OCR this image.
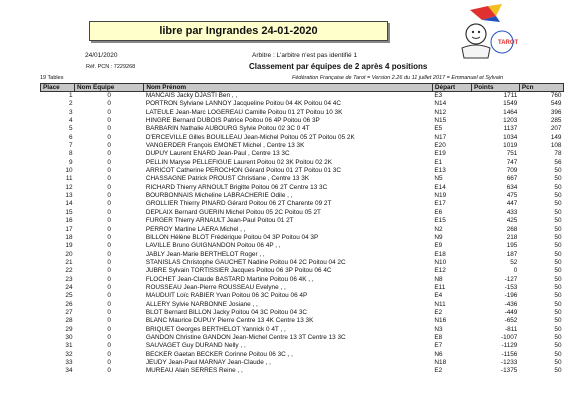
libre par Ingrandes 24-01-2020
TAROT
24/01/2020	Arbitre : L'arbitre n'est pas identifié 1
Réf. PCN : 7229268	Classement par équipes de 2 après 4 positions
Fédération Française de Tarot = Version 2.26 du 11 juillet 2017 = Emmanuel et Sylvain
19 Tables
Place	Nom Equipe	Nom Prénom	Départ	Points	Pcn
1	0	MANCAIS Jacky DJASTI Ben , ,	E3	1711	760
2	0	PORTRON Sylviane LANNOY Jacqueline Poitou 04 4K Poitou 04 4C	N14	1549	549
3	0	LATEULE Jean-Marc LOGEREAU Camille Poitou 01 2T Poitou 10 3K	N12	1464	396
4	0	HINGRE Bernard DUBOIS Patrice Poitou 06 4P Poitou 06 3P	N15	1203	285
5	0	BARBARIN Nathalie AUBOURG Sylvie Poitou 02 3C 0 4T	E5	1137	207
6	0	D'ERCEVILLE Gilles BOUILLEAU Jean-Michel Poitou 05 2T Poitou 05 2K	N17	1034	149
7	0	VANGERDER François EMONET Michel , Centre 13 3K	E20	1019	108
8	0	DUPUY Laurent ENARD Jean-Paul , Centre 13 3C	E19	751	78
9	0	PELLIN Maryse PELLEFIGUE Laurent Poitou 02 3K Poitou 02 2K	E1	747	56
10	0	ARRICOT Catherine PEROCHON Gérard Poitou 01 2T Poitou 01 3C	E13	709	50
11	0	CHASSAGNE Patrick PROUST Christiane , Centre 13 3K	N5	667	50
12	0	RICHARD Thierry ARNOULT Brigitte Poitou 06 2T Centre 13 3C	E14	634	50
13	0	BOURBONNAIS Micheline LABRACHERIE Odile , ,	N19	475	50
14	0	GROLLIER Thierry PINARD Gérard Poitou 06 2T Charente 09 2T	E17	447	50
15	0	DEPLAIX Bernard GUERIN Michel Poitou 05 2C Poitou 05 2T	E6	433	50
16	0	FURGER Thierry ARNAULT Jean-Paul Poitou 01 2T	E15	425	50
17	0	PERROY Martine LAERA Michel , ,	N2	268	50
18	0	BILLON Hélène BLOT Frédérique Poitou 04 3P Poitou 04 3P	N9	218	50
19	0	LAVILLE Bruno GUIGNANDON Poitou 06 4P , ,	E9	195	50
20	0	JABLY Jean-Marie BERTHELOT Roger , ,	E18	187	50
21	0	STANISLAS Christophe GAUCHET Nadine Poitou 04 2C Poitou 04 2C	N10	52	50
22	0	JUBRE Sylvain TORTISSIER Jacques Poitou 06 3P Poitou 06 4C	E12	0	50
23	0	FLOCHET Jean-Claude BASTARD Martine Poitou 06 4K , ,	N8	-127	50
24	0	ROUSSEAU Jean-Pierre ROUSSEAU Evelyne , ,	E11	-153	50
25	0	MAUDUIT Loïc RABIER Yvan Poitou 06 3C Poitou 06 4P	E4	-196	50
26	0	ALLERY Sylvie NARBONNE Josiane , ,	N11	-436	50
27	0	BLOT Bernard BILLON Jacky Poitou 04 3C Poitou 04 3C	E2	-449	50
28	0	BLANC Maurice DUPUY Pierre Centre 13 4K Centre 13 3K	N16	-652	50
29	0	BRIQUET Georges BERTHELOT Yannick 0 4T , ,	N3	-811	50
30	0	GANDON Christine GANDON Jean-Michel Centre 13 3T Centre 13 3C	E8	-1007	50
31	0	SAUVAGET Guy DURAND Nelly , ,	E7	-1129	50
32	0	BECKER Gaetan BECKER Corinne Poitou 06 3C , ,	N6	-1156	50
33	0	JEUDY Jean-Paul MARNAY Jean-Claude , ,	N18	-1233	50
34	0	MUREAU Alain SERRES Reine , ,	E2	-1375	50
